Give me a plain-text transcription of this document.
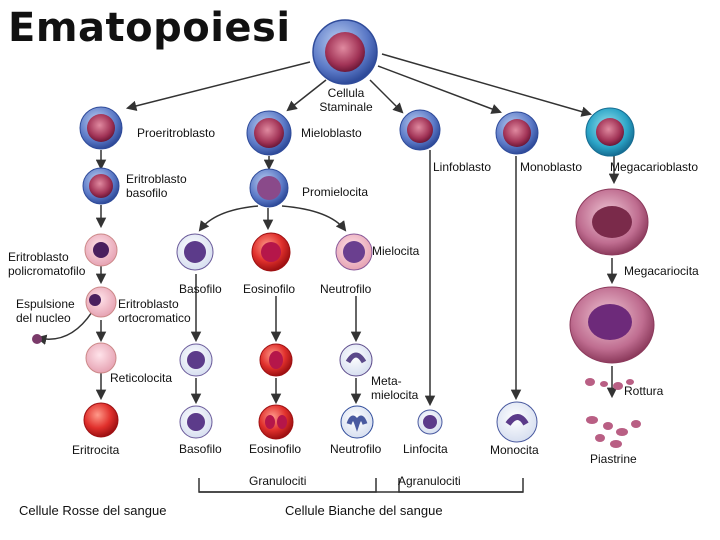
Ematopoiesi
Cellula
Staminale
Proeritroblasto	Mieloblasto
Linfoblasto Monoblasto Megacarioblasto
Eritroblasto
basofilo	Promielocita
Eritroblasto
policromatofilo
Mielocita
Megacariocita
Basofilo Eosinofilo Neutrofilo
Espulsione
del nucleo
Eritroblasto
ortocromatico
Reticolocita	Meta-
mielocita	Rottura
Eritrocita	Basofilo Eosinofilo Neutrofilo Linfocita	Monocita
Piastrine
Granulociti	Agranulociti
Cellule Rosse del sangue	Cellule Bianche del sangue
